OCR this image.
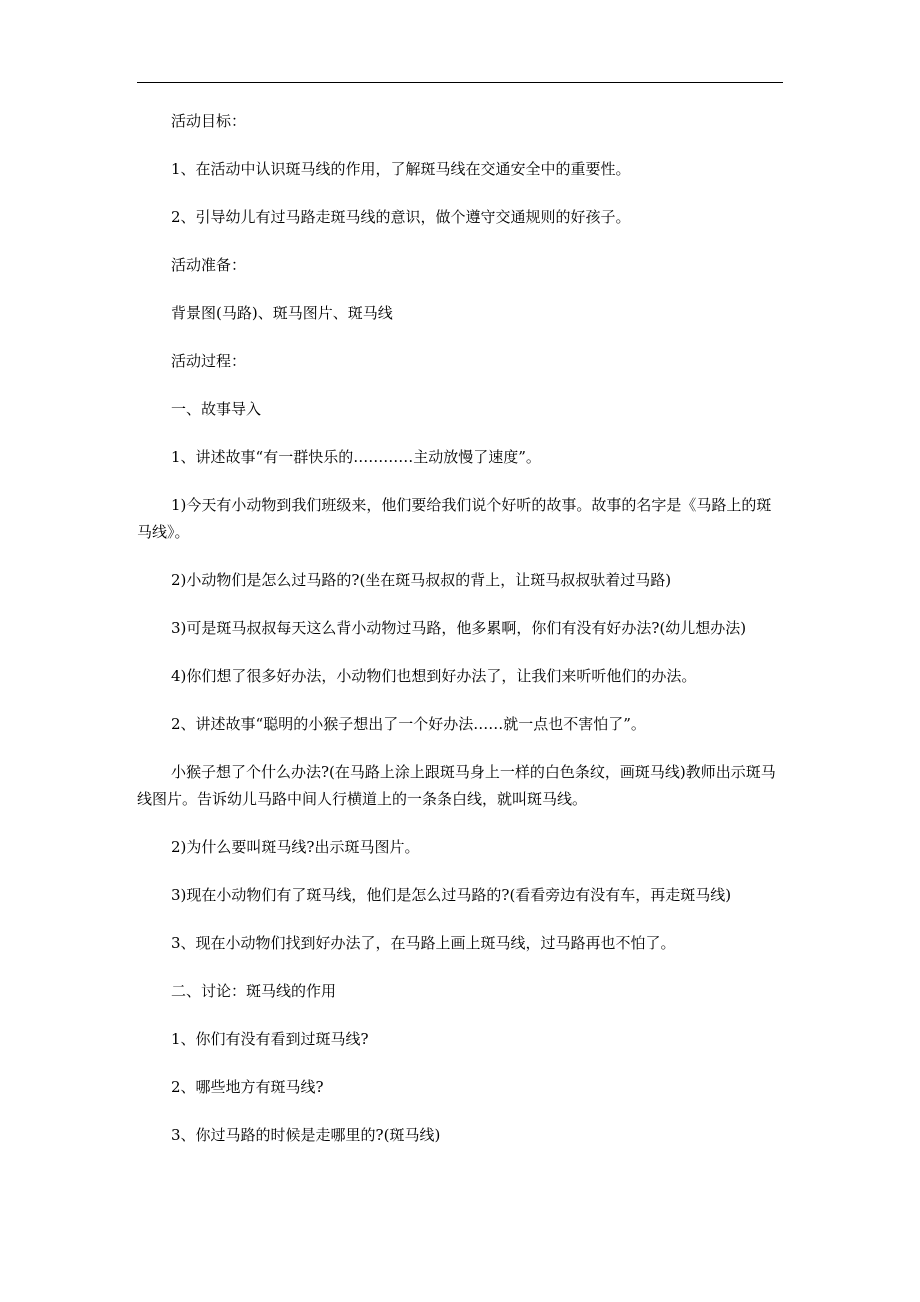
活动目标：

1、在活动中认识斑马线的作用，了解斑马线在交通安全中的重要性。

2、引导幼儿有过马路走斑马线的意识，做个遵守交通规则的好孩子。

活动准备：

背景图(马路)、斑马图片、斑马线

活动过程：

一、故事导入

1、讲述故事“有一群快乐的…………主动放慢了速度”。

1)今天有小动物到我们班级来，他们要给我们说个好听的故事。故事的名字是《马路上的斑马线》。

2)小动物们是怎么过马路的?(坐在斑马叔叔的背上，让斑马叔叔驮着过马路)

3)可是斑马叔叔每天这么背小动物过马路，他多累啊，你们有没有好办法?(幼儿想办法)

4)你们想了很多好办法，小动物们也想到好办法了，让我们来听听他们的办法。

2、讲述故事“聪明的小猴子想出了一个好办法……就一点也不害怕了”。

小猴子想了个什么办法?(在马路上涂上跟斑马身上一样的白色条纹，画斑马线)教师出示斑马线图片。告诉幼儿马路中间人行横道上的一条条白线，就叫斑马线。

2)为什么要叫斑马线?出示斑马图片。

3)现在小动物们有了斑马线，他们是怎么过马路的?(看看旁边有没有车，再走斑马线)

3、现在小动物们找到好办法了，在马路上画上斑马线，过马路再也不怕了。

二、讨论：斑马线的作用

1、你们有没有看到过斑马线?

2、哪些地方有斑马线?

3、你过马路的时候是走哪里的?(斑马线)
